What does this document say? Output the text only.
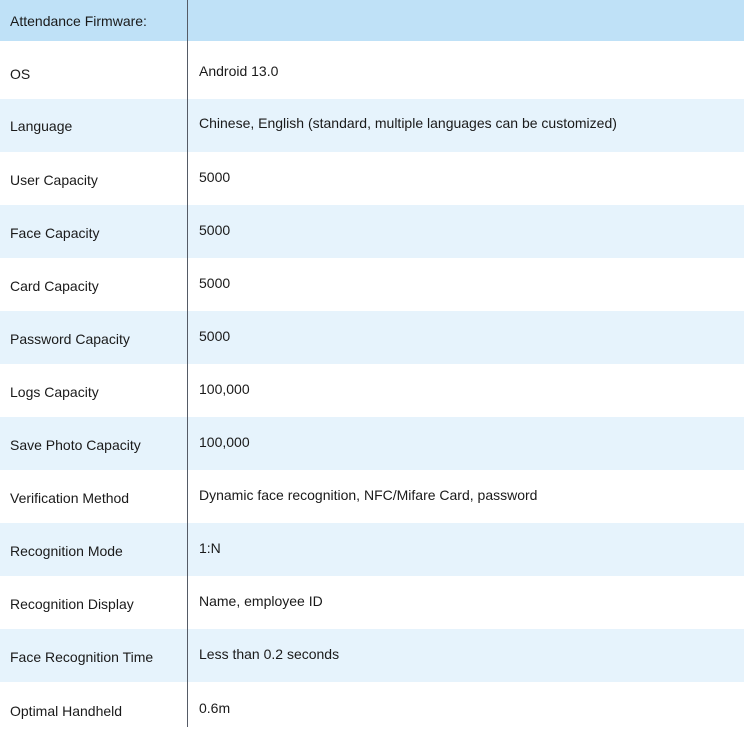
Attendance Firmware:
OS	Android 13.0
Language	Chinese, English (standard, multiple languages can be customized)
User Capacity	5000
Face Capacity	5000
Card Capacity	5000
Password Capacity	5000
Logs Capacity	100,000
Save Photo Capacity	100,000
Verification Method	Dynamic face recognition, NFC/Mifare Card, password
Recognition Mode	1:N
Recognition Display	Name, employee ID
Face Recognition Time	Less than 0.2 seconds
Optimal Handheld	0.6m
